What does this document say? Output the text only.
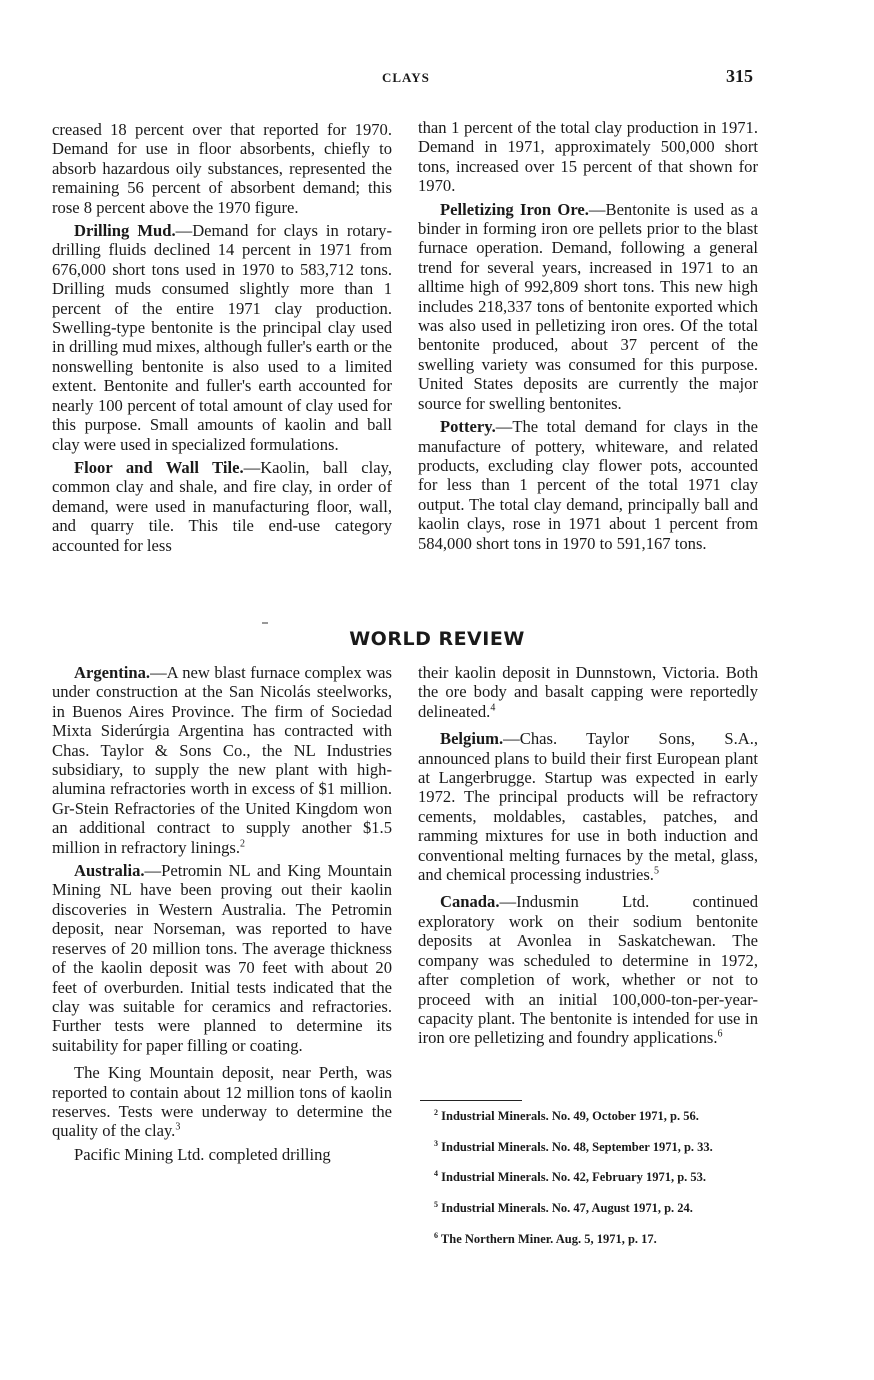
CLAYS	315

creased 18 percent over that reported for 1970. Demand for use in floor absorbents, chiefly to absorb hazardous oily substances, represented the remaining 56 percent of absorbent demand; this rose 8 percent above the 1970 figure.

Drilling Mud.—Demand for clays in rotary-drilling fluids declined 14 percent in 1971 from 676,000 short tons used in 1970 to 583,712 tons. Drilling muds consumed slightly more than 1 percent of the entire 1971 clay production. Swelling-type bentonite is the principal clay used in drilling mud mixes, although fuller's earth or the nonswelling bentonite is also used to a limited extent. Bentonite and fuller's earth accounted for nearly 100 percent of total amount of clay used for this purpose. Small amounts of kaolin and ball clay were used in specialized formulations.

Floor and Wall Tile.—Kaolin, ball clay, common clay and shale, and fire clay, in order of demand, were used in manufacturing floor, wall, and quarry tile. This tile end-use category accounted for less

than 1 percent of the total clay production in 1971. Demand in 1971, approximately 500,000 short tons, increased over 15 percent of that shown for 1970.

Pelletizing Iron Ore.—Bentonite is used as a binder in forming iron ore pellets prior to the blast furnace operation. Demand, following a general trend for several years, increased in 1971 to an alltime high of 992,809 short tons. This new high includes 218,337 tons of bentonite exported which was also used in pelletizing iron ores. Of the total bentonite produced, about 37 percent of the swelling variety was consumed for this purpose. United States deposits are currently the major source for swelling bentonites.

Pottery.—The total demand for clays in the manufacture of pottery, whiteware, and related products, excluding clay flower pots, accounted for less than 1 percent of the total 1971 clay output. The total clay demand, principally ball and kaolin clays, rose in 1971 about 1 percent from 584,000 short tons in 1970 to 591,167 tons.

WORLD REVIEW

Argentina.—A new blast furnace complex was under construction at the San Nicolás steelworks, in Buenos Aires Province. The firm of Sociedad Mixta Siderúrgia Argentina has contracted with Chas. Taylor & Sons Co., the NL Industries subsidiary, to supply the new plant with high-alumina refractories worth in excess of $1 million. Gr-Stein Refractories of the United Kingdom won an additional contract to supply another $1.5 million in refractory linings.$^2$

Australia.—Petromin NL and King Mountain Mining NL have been proving out their kaolin discoveries in Western Australia. The Petromin deposit, near Norseman, was reported to have reserves of 20 million tons. The average thickness of the kaolin deposit was 70 feet with about 20 feet of overburden. Initial tests indicated that the clay was suitable for ceramics and refractories. Further tests were planned to determine its suitability for paper filling or coating.

The King Mountain deposit, near Perth, was reported to contain about 12 million tons of kaolin reserves. Tests were underway to determine the quality of the clay.$^3$

Pacific Mining Ltd. completed drilling

their kaolin deposit in Dunnstown, Victoria. Both the ore body and basalt capping were reportedly delineated.$^4$

Belgium.—Chas. Taylor Sons, S.A., announced plans to build their first European plant at Langerbrugge. Startup was expected in early 1972. The principal products will be refractory cements, moldables, castables, patches, and ramming mixtures for use in both induction and conventional melting furnaces by the metal, glass, and chemical processing industries.$^5$

Canada.—Indusmin Ltd. continued exploratory work on their sodium bentonite deposits at Avonlea in Saskatchewan. The company was scheduled to determine in 1972, after completion of work, whether or not to proceed with an initial 100,000-ton-per-year-capacity plant. The bentonite is intended for use in iron ore pelletizing and foundry applications.$^6$

$^2$ Industrial Minerals. No. 49, October 1971, p. 56.
$^3$ Industrial Minerals. No. 48, September 1971, p. 33.
$^4$ Industrial Minerals. No. 42, February 1971, p. 53.
$^5$ Industrial Minerals. No. 47, August 1971, p. 24.
$^6$ The Northern Miner. Aug. 5, 1971, p. 17.
